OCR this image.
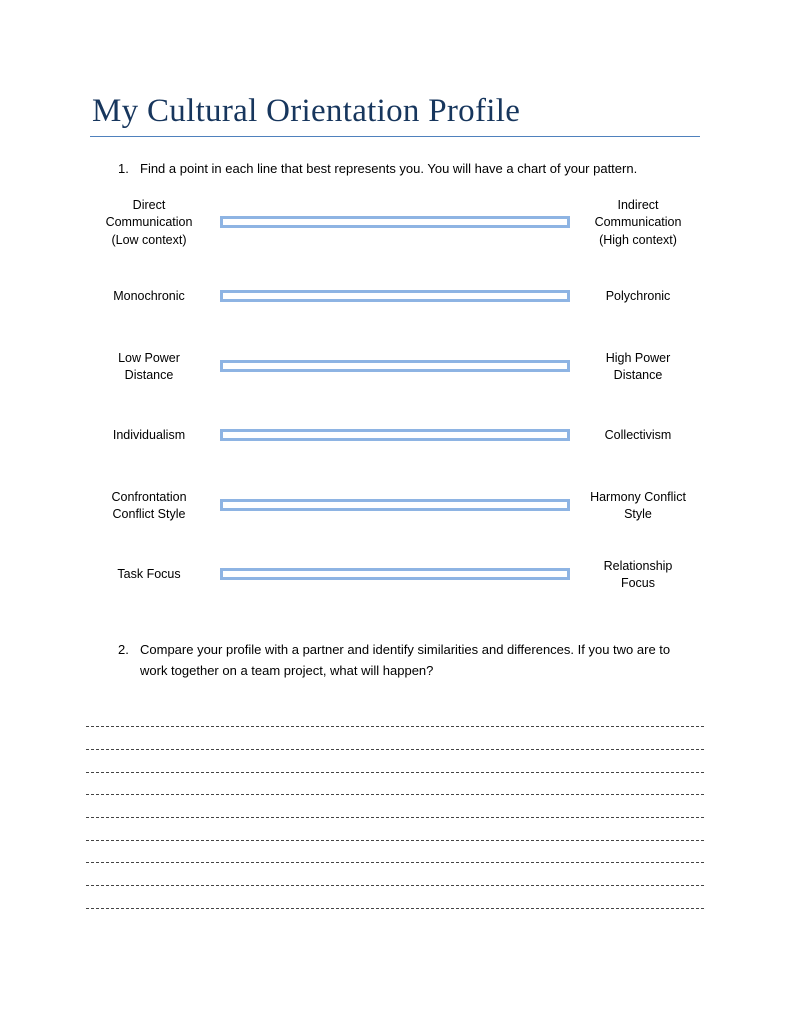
My Cultural Orientation Profile
1. Find a point in each line that best represents you. You will have a chart of your pattern.
Direct
Communication
(Low context)
Indirect
Communication
(High context)
Monochronic	Polychronic
Low Power
Distance
High Power
Distance
Individualism	Collectivism
Confrontation
Conflict Style
Harmony Conflict
Style
Task Focus
Relationship
Focus
2. Compare your profile with a partner and identify similarities and differences. If you two are to work together on a team project, what will happen?
